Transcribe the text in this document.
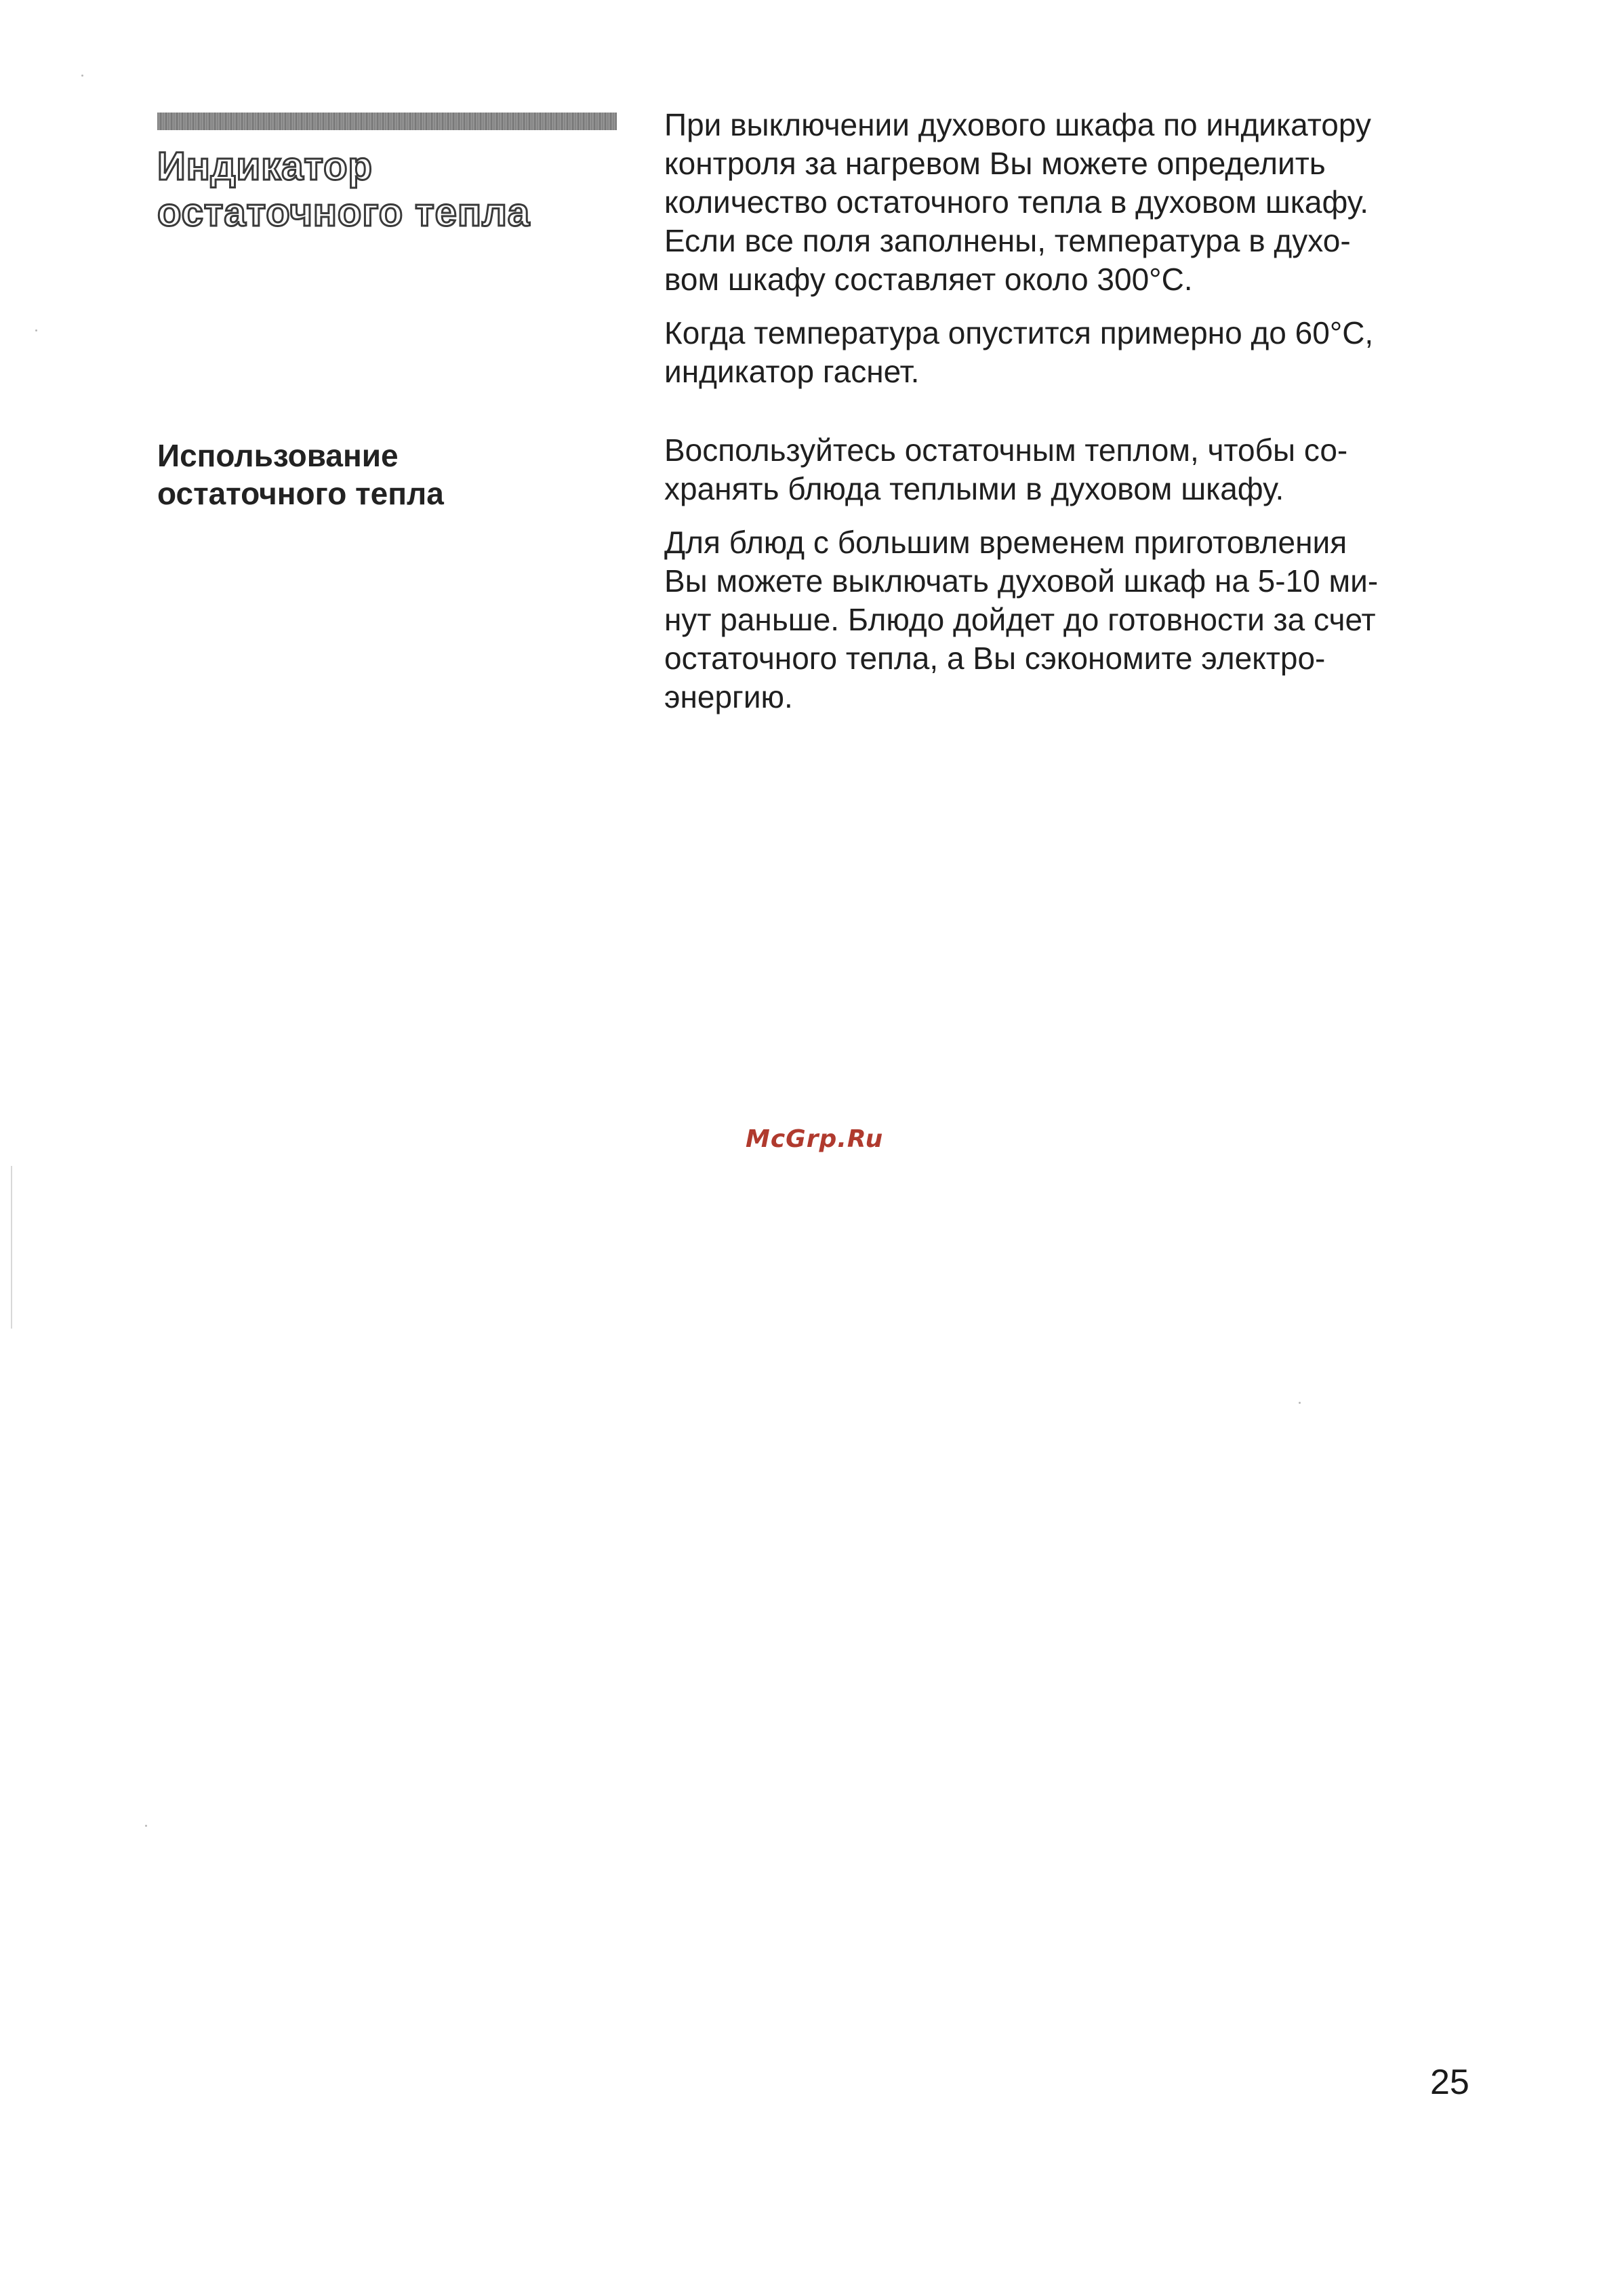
Индикатор
остаточного тепла

При выключении духового шкафа по индикатору
контроля за нагревом Вы можете определить
количество остаточного тепла в духовом шкафу.
Если все поля заполнены, температура в духо-
вом шкафу составляет около 300°C.

Когда температура опустится примерно до 60°C,
индикатор гаснет.

Использование
остаточного тепла

Воспользуйтесь остаточным теплом, чтобы со-
хранять блюда теплыми в духовом шкафу.

Для блюд с большим временем приготовления
Вы можете выключать духовой шкаф на 5-10 ми-
нут раньше. Блюдо дойдет до готовности за счет
остаточного тепла, а Вы сэкономите электро-
энергию.

McGrp.Ru
25
